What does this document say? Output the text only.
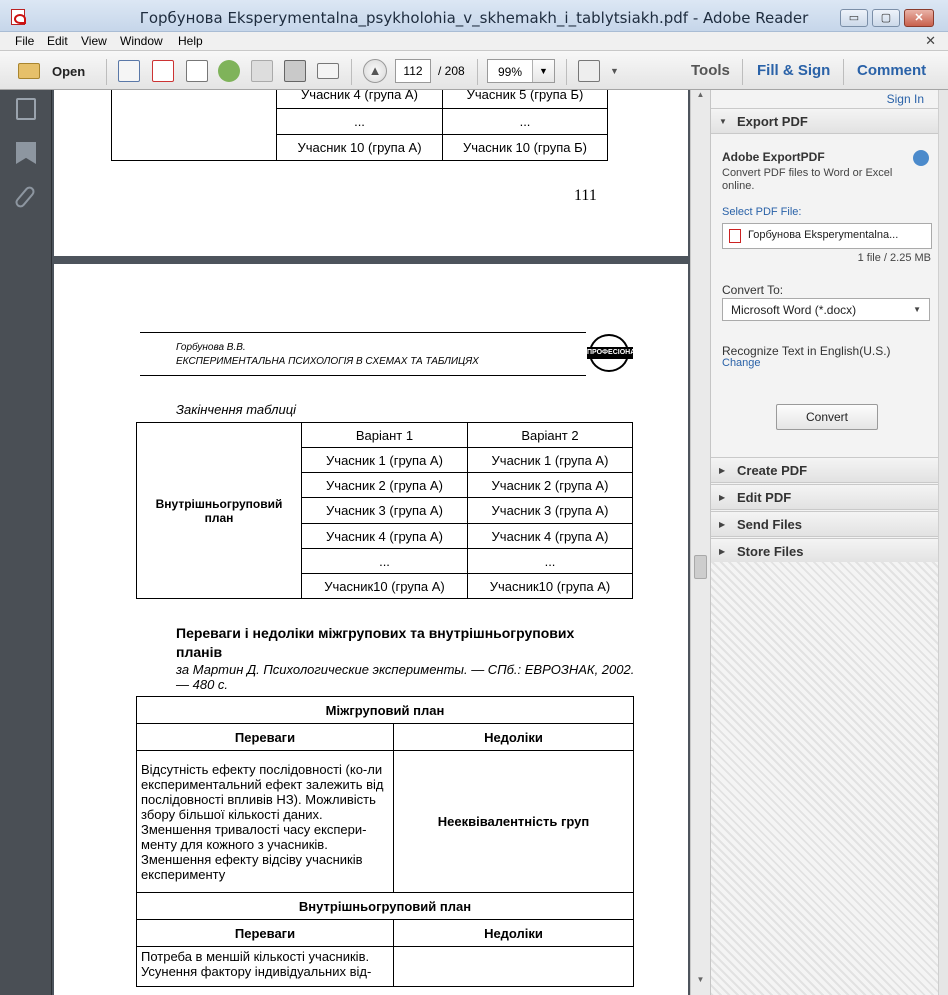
Горбунова Eksperymentalna_psykholohia_v_skhemakh_i_tablytsiakh.pdf - Adobe Reader	▭	▢	✕
File Edit View Window Help	✕
Open	▲	112	/ 208	99%	▼	▼	Tools Fill & Sign Comment
	Учасник 4 (група А)	Учасник 5 (група Б)
	...	...
	Учасник 10 (група А)	Учасник 10 (група Б)
111
Горбунова В.В.
ЕКСПЕРИМЕНТАЛЬНА ПСИХОЛОГІЯ В СХЕМАХ ТА ТАБЛИЦЯХ
ПРОФЕСІОНАЛ
Закінчення таблиці
Внутрішньогруповий план	Варіант 1	Варіант 2
	Учасник 1 (група А)	Учасник 1 (група А)
	Учасник 2 (група А)	Учасник 2 (група А)
	Учасник 3 (група А)	Учасник 3 (група А)
	Учасник 4 (група А)	Учасник 4 (група А)
	...	...
	Учасник10 (група А)	Учасник10 (група А)
Переваги і недоліки міжгрупових та внутрішньогрупових планів
за Мартин Д. Психологические эксперименты. — СПб.: ЕВРОЗНАК, 2002. — 480 с.
Міжгруповий план	
Переваги	Недоліки
Відсутність ефекту послідовності (ко-ли експериментальний ефект залежить від послідовності впливів НЗ). Можливість збору більшої кількості даних. Зменшення тривалості часу експери-менту для кожного з учасників. Зменшення ефекту відсіву учасників експерименту	Нееквівалентність груп
Внутрішньогруповий план	
Переваги	Недоліки
Потреба в меншій кількості учасників. Усунення фактору індивідуальних від-	
▲
▼
Sign In
▼ Export PDF
Adobe ExportPDF
Convert PDF files to Word or Excel online.
Select PDF File:
Горбунова Eksperymentalna...
1 file / 2.25 MB
Convert To:
Microsoft Word (*.docx)	▼
Recognize Text in English(U.S.)
Change
Convert
▶ Create PDF
▶ Edit PDF
▶ Send Files
▶ Store Files
